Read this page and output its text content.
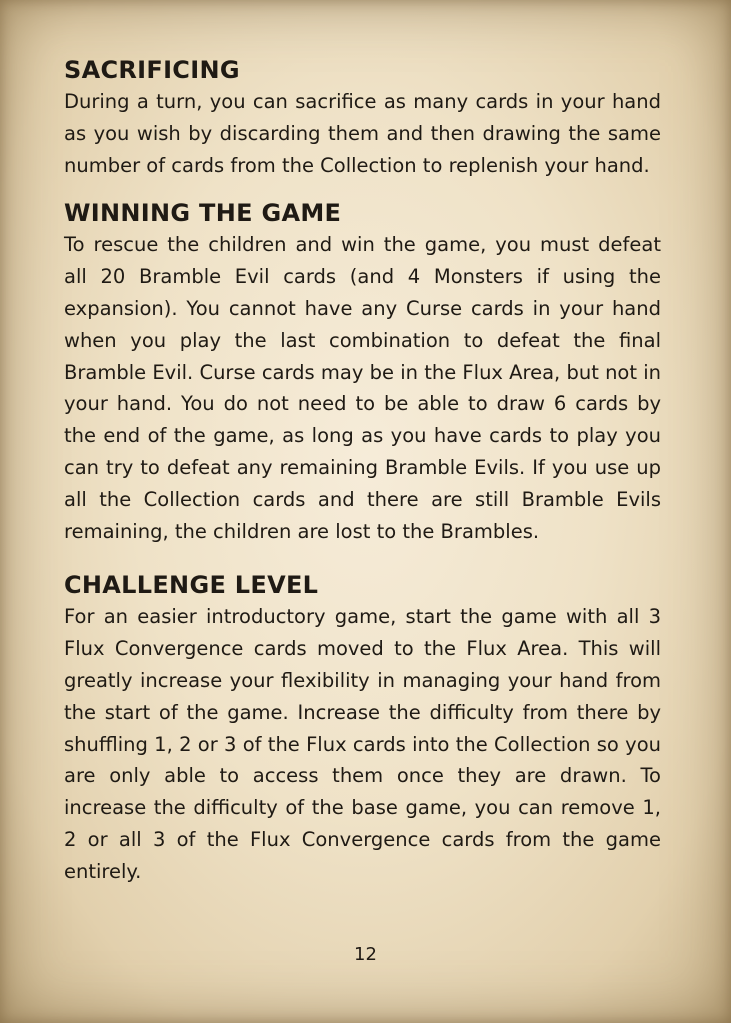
SACRIFICING

During a turn, you can sacrifice as many cards in your hand as you wish by discarding them and then drawing the same number of cards from the Collection to replenish your hand.

WINNING THE GAME

To rescue the children and win the game, you must defeat all 20 Bramble Evil cards (and 4 Monsters if using the expansion). You cannot have any Curse cards in your hand when you play the last combination to defeat the final Bramble Evil. Curse cards may be in the Flux Area, but not in your hand. You do not need to be able to draw 6 cards by the end of the game, as long as you have cards to play you can try to defeat any remaining Bramble Evils. If you use up all the Collection cards and there are still Bramble Evils remaining, the children are lost to the Brambles.

CHALLENGE LEVEL

For an easier introductory game, start the game with all 3 Flux Convergence cards moved to the Flux Area. This will greatly increase your flexibility in managing your hand from the start of the game. Increase the difficulty from there by shuffling 1, 2 or 3 of the Flux cards into the Collection so you are only able to access them once they are drawn. To increase the difficulty of the base game, you can remove 1, 2 or all 3 of the Flux Convergence cards from the game entirely.

12
